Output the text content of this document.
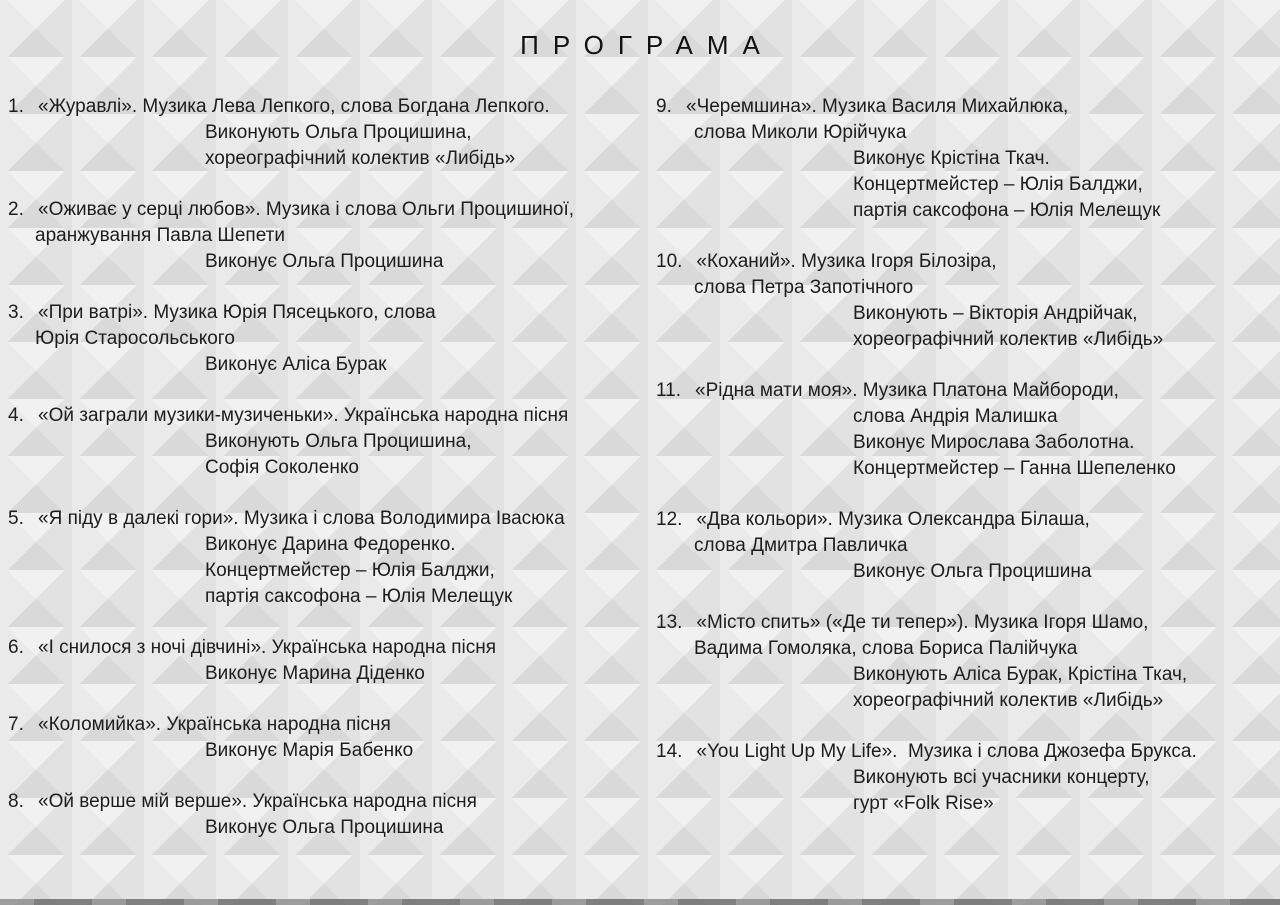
ПРОГРАМА
1. «Журавлі». Музика Лева Лепкого, слова Богдана Лепкого.
Виконують Ольга Процишина,
хореографічний колектив «Либідь»
2. «Оживає у серці любов». Музика і слова Ольги Процишиної,
аранжування Павла Шепети
Виконує Ольга Процишина
3. «При ватрі». Музика Юрія Пясецького, слова
Юрія Старосольського
Виконує Аліса Бурак
4. «Ой заграли музики-музиченьки». Українська народна пісня
Виконують Ольга Процишина,
Софія Соколенко
5. «Я піду в далекі гори». Музика і слова Володимира Івасюка
Виконує Дарина Федоренко.
Концертмейстер – Юлія Балджи,
партія саксофона – Юлія Мелещук
6. «І снилося з ночі дівчині». Українська народна пісня
Виконує Марина Діденко
7. «Коломийка». Українська народна пісня
Виконує Марія Бабенко
8. «Ой верше мій верше». Українська народна пісня
Виконує Ольга Процишина
9. «Черемшина». Музика Василя Михайлюка,
слова Миколи Юрійчука
Виконує Крістіна Ткач.
Концертмейстер – Юлія Балджи,
партія саксофона – Юлія Мелещук
10. «Коханий». Музика Ігоря Білозіра,
слова Петра Запотічного
Виконують – Вікторія Андрійчак,
хореографічний колектив «Либідь»
11. «Рідна мати моя». Музика Платона Майбороди,
слова Андрія Малишка
Виконує Мирослава Заболотна.
Концертмейстер – Ганна Шепеленко
12. «Два кольори». Музика Олександра Білаша,
слова Дмитра Павличка
Виконує Ольга Процишина
13. «Місто спить» («Де ти тепер»). Музика Ігоря Шамо,
Вадима Гомоляка, слова Бориса Палійчука
Виконують Аліса Бурак, Крістіна Ткач,
хореографічний колектив «Либідь»
14. «You Light Up My Life».  Музика і слова Джозефа Брукса.
Виконують всі учасники концерту,
гурт «Folk Rise»
